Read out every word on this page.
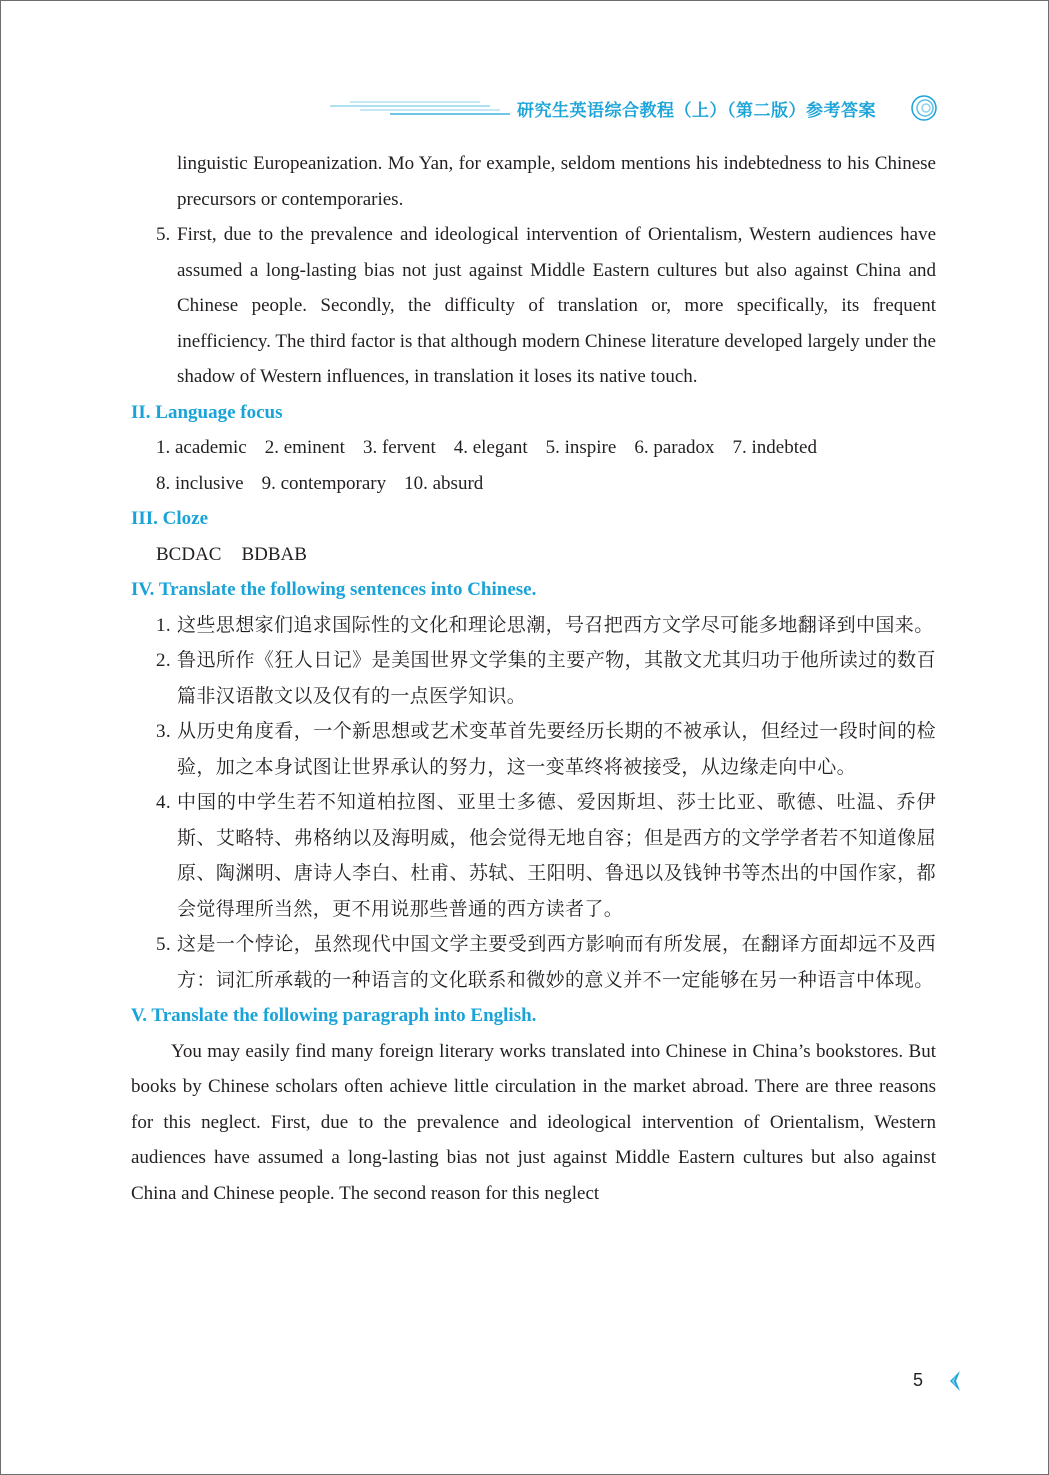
研究生英语综合教程（上）（第二版）参考答案

linguistic Europeanization. Mo Yan, for example, seldom mentions his indebtedness to his Chinese precursors or contemporaries.

5. First, due to the prevalence and ideological intervention of Orientalism, Western audiences have assumed a long-lasting bias not just against Middle Eastern cultures but also against China and Chinese people. Secondly, the difficulty of translation or, more specifically, its frequent inefficiency. The third factor is that although modern Chinese literature developed largely under the shadow of Western influences, in translation it loses its native touch.

II. Language focus

1. academic 2. eminent 3. fervent 4. elegant 5. inspire 6. paradox 7. indebted
8. inclusive 9. contemporary 10. absurd

III. Cloze

BCDAC BDBAB

IV. Translate the following sentences into Chinese.

1. 这些思想家们追求国际性的文化和理论思潮，号召把西方文学尽可能多地翻译到中国来。

2. 鲁迅所作《狂人日记》是美国世界文学集的主要产物，其散文尤其归功于他所读过的数百篇非汉语散文以及仅有的一点医学知识。

3. 从历史角度看，一个新思想或艺术变革首先要经历长期的不被承认，但经过一段时间的检验，加之本身试图让世界承认的努力，这一变革终将被接受，从边缘走向中心。

4. 中国的中学生若不知道柏拉图、亚里士多德、爱因斯坦、莎士比亚、歌德、吐温、乔伊斯、艾略特、弗格纳以及海明威，他会觉得无地自容；但是西方的文学学者若不知道像屈原、陶渊明、唐诗人李白、杜甫、苏轼、王阳明、鲁迅以及钱钟书等杰出的中国作家，都会觉得理所当然，更不用说那些普通的西方读者了。

5. 这是一个悖论，虽然现代中国文学主要受到西方影响而有所发展，在翻译方面却远不及西方：词汇所承载的一种语言的文化联系和微妙的意义并不一定能够在另一种语言中体现。

V. Translate the following paragraph into English.

You may easily find many foreign literary works translated into Chinese in China’s bookstores. But books by Chinese scholars often achieve little circulation in the market abroad. There are three reasons for this neglect. First, due to the prevalence and ideological intervention of Orientalism, Western audiences have assumed a long-lasting bias not just against Middle Eastern cultures but also against China and Chinese people. The second reason for this neglect

5
